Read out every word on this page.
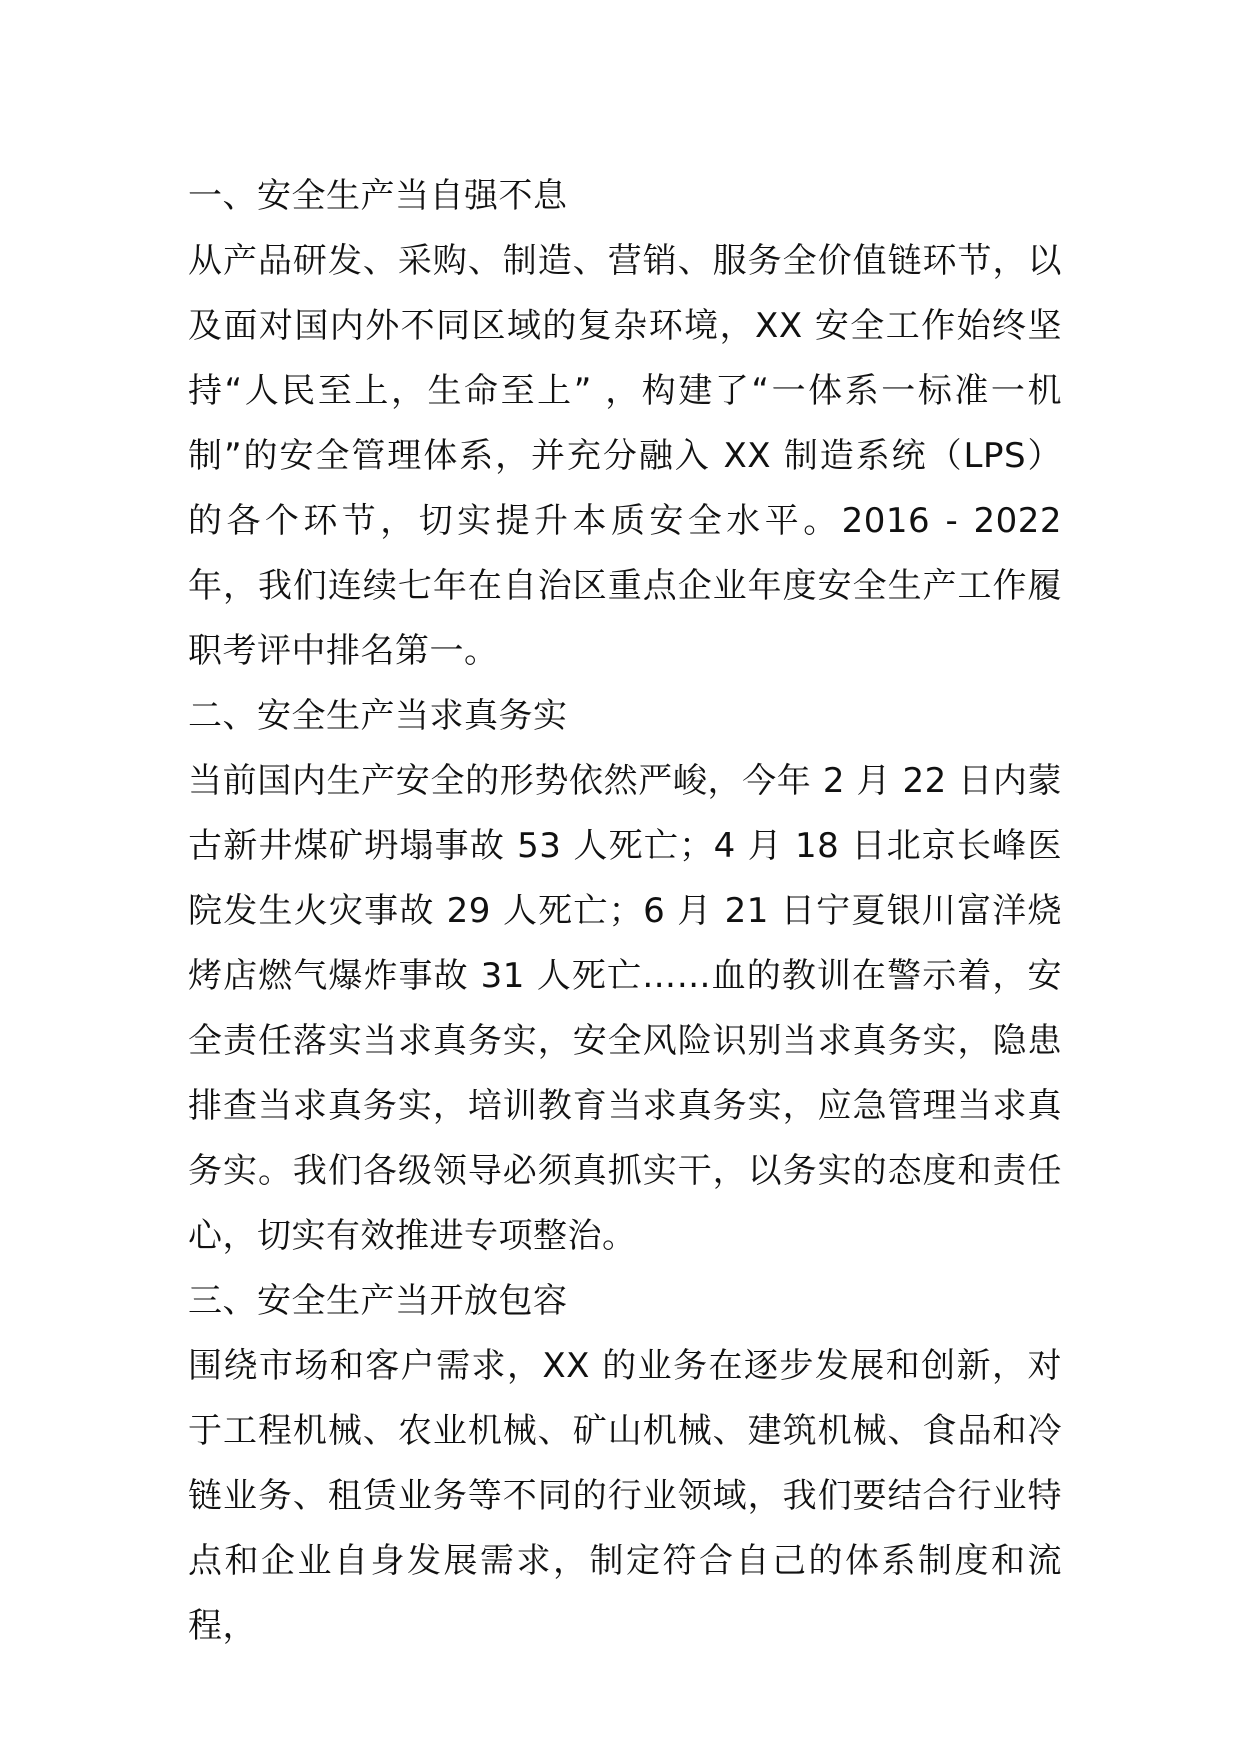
一、安全生产当自强不息

从产品研发、采购、制造、营销、服务全价值链环节，以及面对国内外不同区域的复杂环境，XX 安全工作始终坚持“人民至上，生命至上” ，构建了“一体系一标准一机制”的安全管理体系，并充分融入 XX 制造系统（LPS）的各个环节，切实提升本质安全水平。2016 - 2022 年，我们连续七年在自治区重点企业年度安全生产工作履职考评中排名第一。

二、安全生产当求真务实

当前国内生产安全的形势依然严峻，今年 2 月 22 日内蒙古新井煤矿坍塌事故 53 人死亡；4 月 18 日北京长峰医院发生火灾事故 29 人死亡；6 月 21 日宁夏银川富洋烧烤店燃气爆炸事故 31 人死亡……血的教训在警示着，安全责任落实当求真务实，安全风险识别当求真务实，隐患排查当求真务实，培训教育当求真务实，应急管理当求真务实。我们各级领导必须真抓实干，以务实的态度和责任心，切实有效推进专项整治。

三、安全生产当开放包容

围绕市场和客户需求，XX 的业务在逐步发展和创新，对于工程机械、农业机械、矿山机械、建筑机械、食品和冷链业务、租赁业务等不同的行业领域，我们要结合行业特点和企业自身发展需求，制定符合自己的体系制度和流程，
